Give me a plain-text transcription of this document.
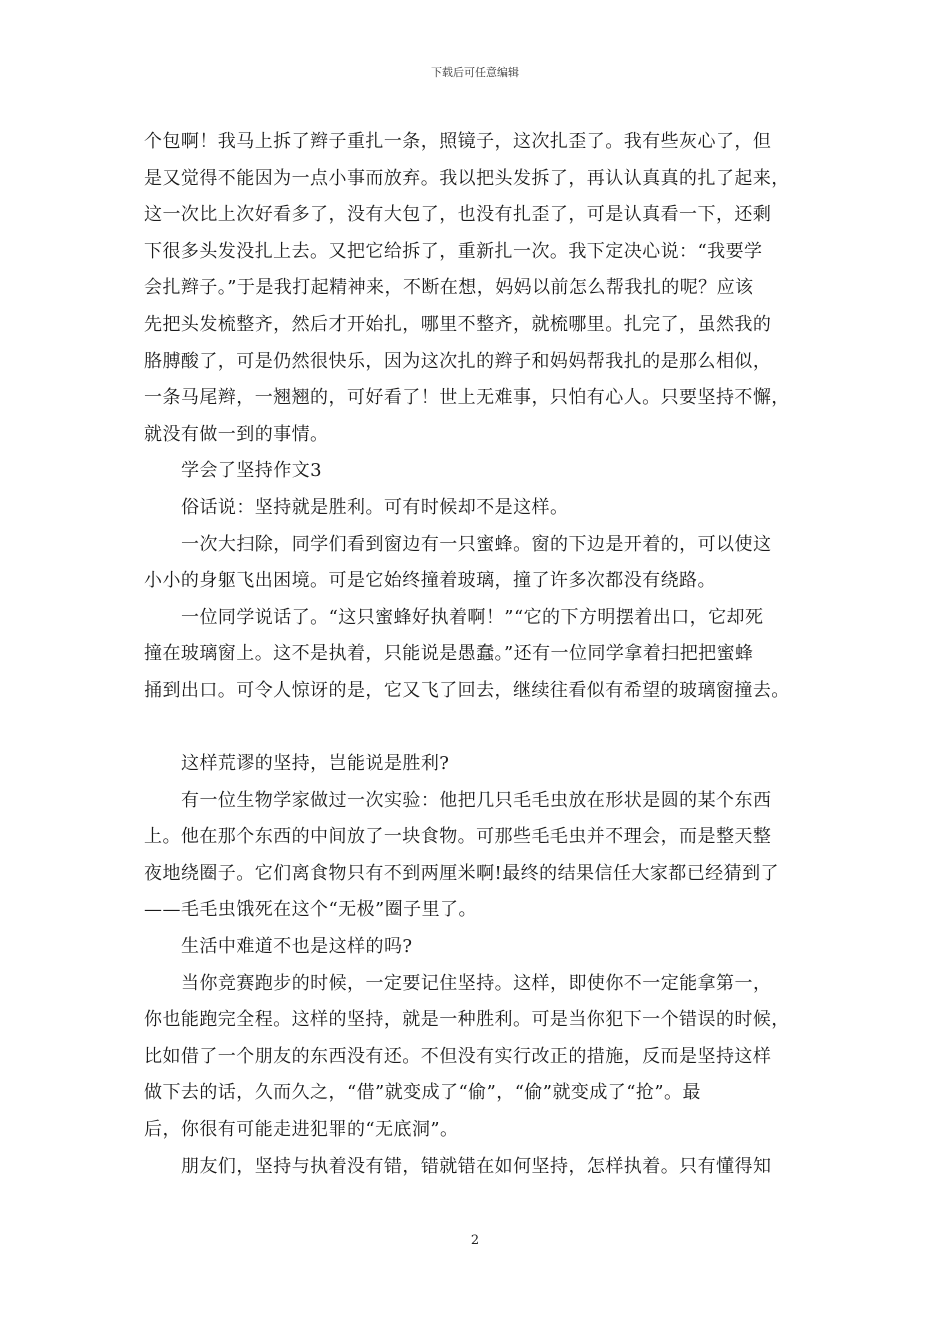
下载后可任意编辑
个包啊！我马上拆了辫子重扎一条，照镜子，这次扎歪了。我有些灰心了，但
是又觉得不能因为一点小事而放弃。我以把头发拆了，再认认真真的扎了起来，
这一次比上次好看多了，没有大包了，也没有扎歪了，可是认真看一下，还剩
下很多头发没扎上去。又把它给拆了，重新扎一次。我下定决心说：“我要学
会扎辫子。”于是我打起精神来，不断在想，妈妈以前怎么帮我扎的呢？应该
先把头发梳整齐，然后才开始扎，哪里不整齐，就梳哪里。扎完了，虽然我的
胳膊酸了，可是仍然很快乐，因为这次扎的辫子和妈妈帮我扎的是那么相似，
一条马尾辫，一翘翘的，可好看了！世上无难事，只怕有心人。只要坚持不懈，
就没有做一到的事情。
学会了坚持作文3
俗话说：坚持就是胜利。可有时候却不是这样。
一次大扫除，同学们看到窗边有一只蜜蜂。窗的下边是开着的，可以使这
小小的身躯飞出困境。可是它始终撞着玻璃，撞了许多次都没有绕路。
一位同学说话了。“这只蜜蜂好执着啊！”“它的下方明摆着出口，它却死
撞在玻璃窗上。这不是执着，只能说是愚蠢。”还有一位同学拿着扫把把蜜蜂
捅到出口。可令人惊讶的是，它又飞了回去，继续往看似有希望的玻璃窗撞去。
这样荒谬的坚持，岂能说是胜利?
有一位生物学家做过一次实验：他把几只毛毛虫放在形状是圆的某个东西
上。他在那个东西的中间放了一块食物。可那些毛毛虫并不理会，而是整天整
夜地绕圈子。它们离食物只有不到两厘米啊!最终的结果信任大家都已经猜到了
——毛毛虫饿死在这个“无极”圈子里了。
生活中难道不也是这样的吗?
当你竞赛跑步的时候，一定要记住坚持。这样，即使你不一定能拿第一，
你也能跑完全程。这样的坚持，就是一种胜利。可是当你犯下一个错误的时候，
比如借了一个朋友的东西没有还。不但没有实行改正的措施，反而是坚持这样
做下去的话，久而久之，“借”就变成了“偷”，“偷”就变成了“抢”。最
后，你很有可能走进犯罪的“无底洞”。
朋友们，坚持与执着没有错，错就错在如何坚持，怎样执着。只有懂得知
2
